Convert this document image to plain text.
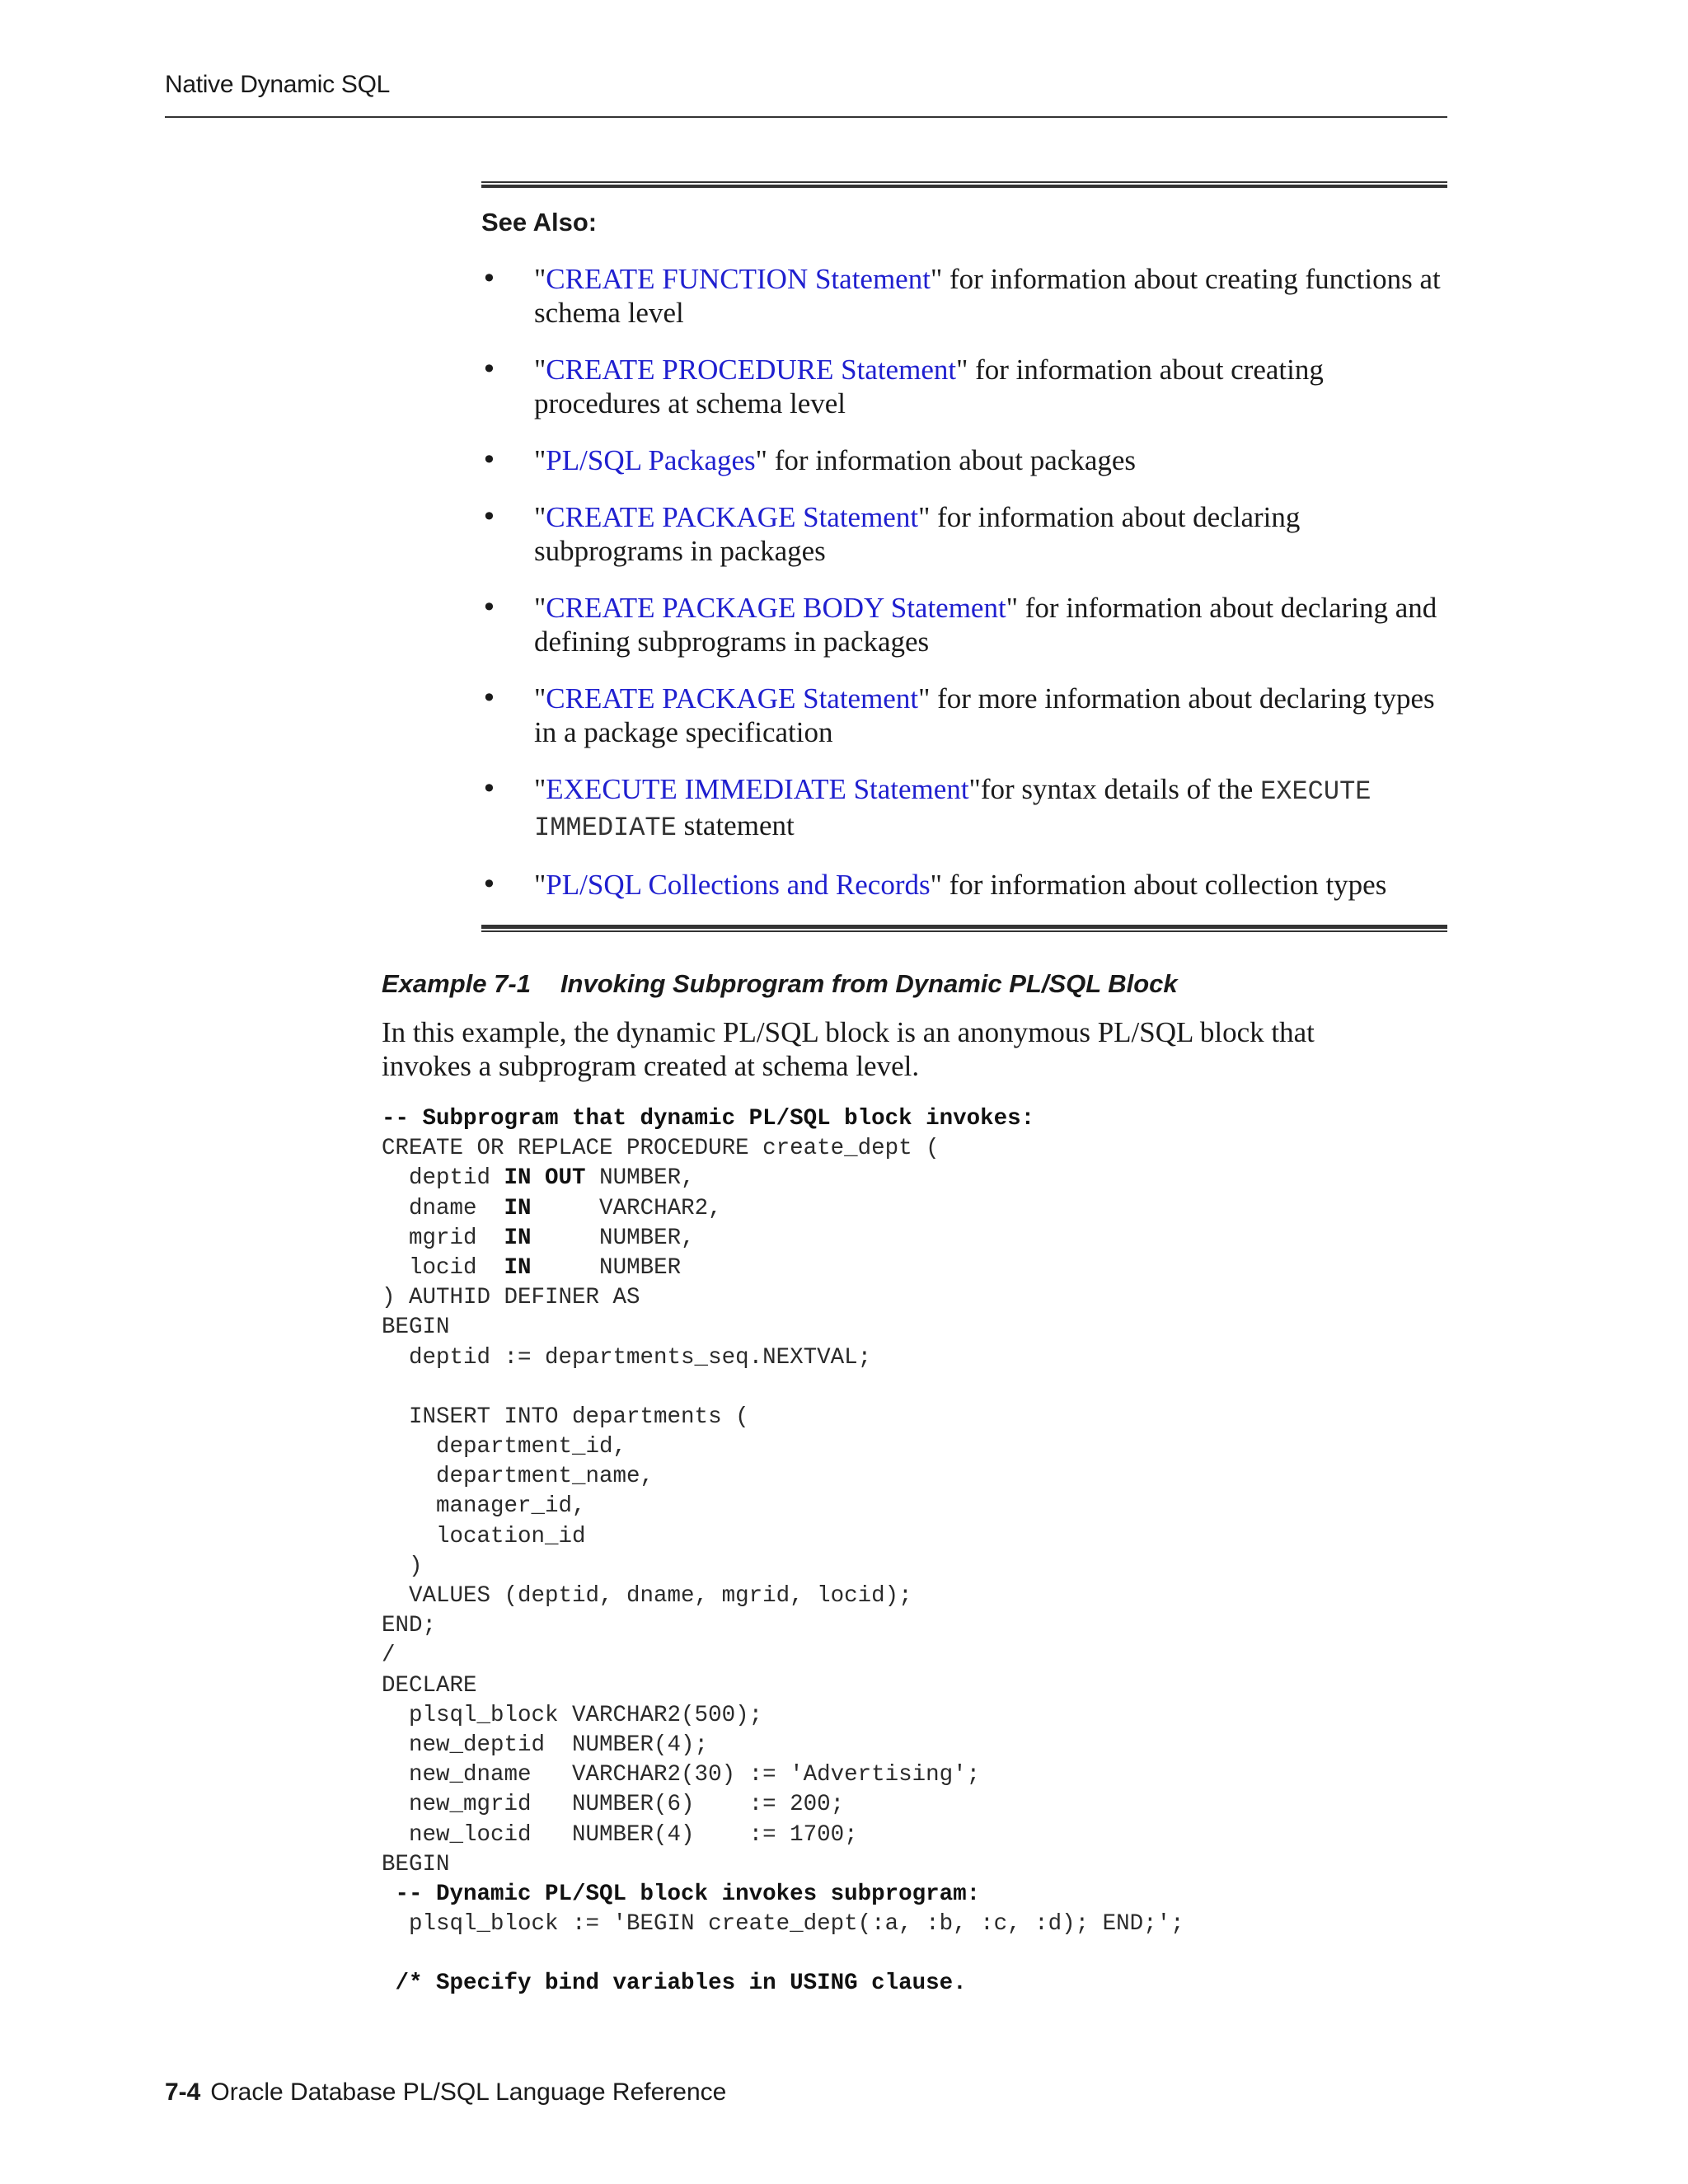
Native Dynamic SQL
See Also:
• "CREATE FUNCTION Statement" for information about creating functions at schema level
• "CREATE PROCEDURE Statement" for information about creating procedures at schema level
• "PL/SQL Packages" for information about packages
• "CREATE PACKAGE Statement" for information about declaring subprograms in packages
• "CREATE PACKAGE BODY Statement" for information about declaring and defining subprograms in packages
• "CREATE PACKAGE Statement" for more information about declaring types in a package specification
• "EXECUTE IMMEDIATE Statement"for syntax details of the EXECUTE IMMEDIATE statement
• "PL/SQL Collections and Records" for information about collection types
Example 7-1 Invoking Subprogram from Dynamic PL/SQL Block
In this example, the dynamic PL/SQL block is an anonymous PL/SQL block that invokes a subprogram created at schema level.
-- Subprogram that dynamic PL/SQL block invokes:
CREATE OR REPLACE PROCEDURE create_dept (
deptid IN OUT NUMBER,
dname  IN     VARCHAR2,
mgrid  IN     NUMBER,
locid  IN     NUMBER
) AUTHID DEFINER AS
BEGIN
deptid := departments_seq.NEXTVAL;
INSERT INTO departments (
department_id,
department_name,
manager_id,
location_id
)
VALUES (deptid, dname, mgrid, locid);
END;
/
DECLARE
plsql_block VARCHAR2(500);
new_deptid  NUMBER(4);
new_dname   VARCHAR2(30) := 'Advertising';
new_mgrid   NUMBER(6)    := 200;
new_locid   NUMBER(4)    := 1700;
BEGIN
-- Dynamic PL/SQL block invokes subprogram:
plsql_block := 'BEGIN create_dept(:a, :b, :c, :d); END;';
/* Specify bind variables in USING clause.
7-4 Oracle Database PL/SQL Language Reference
